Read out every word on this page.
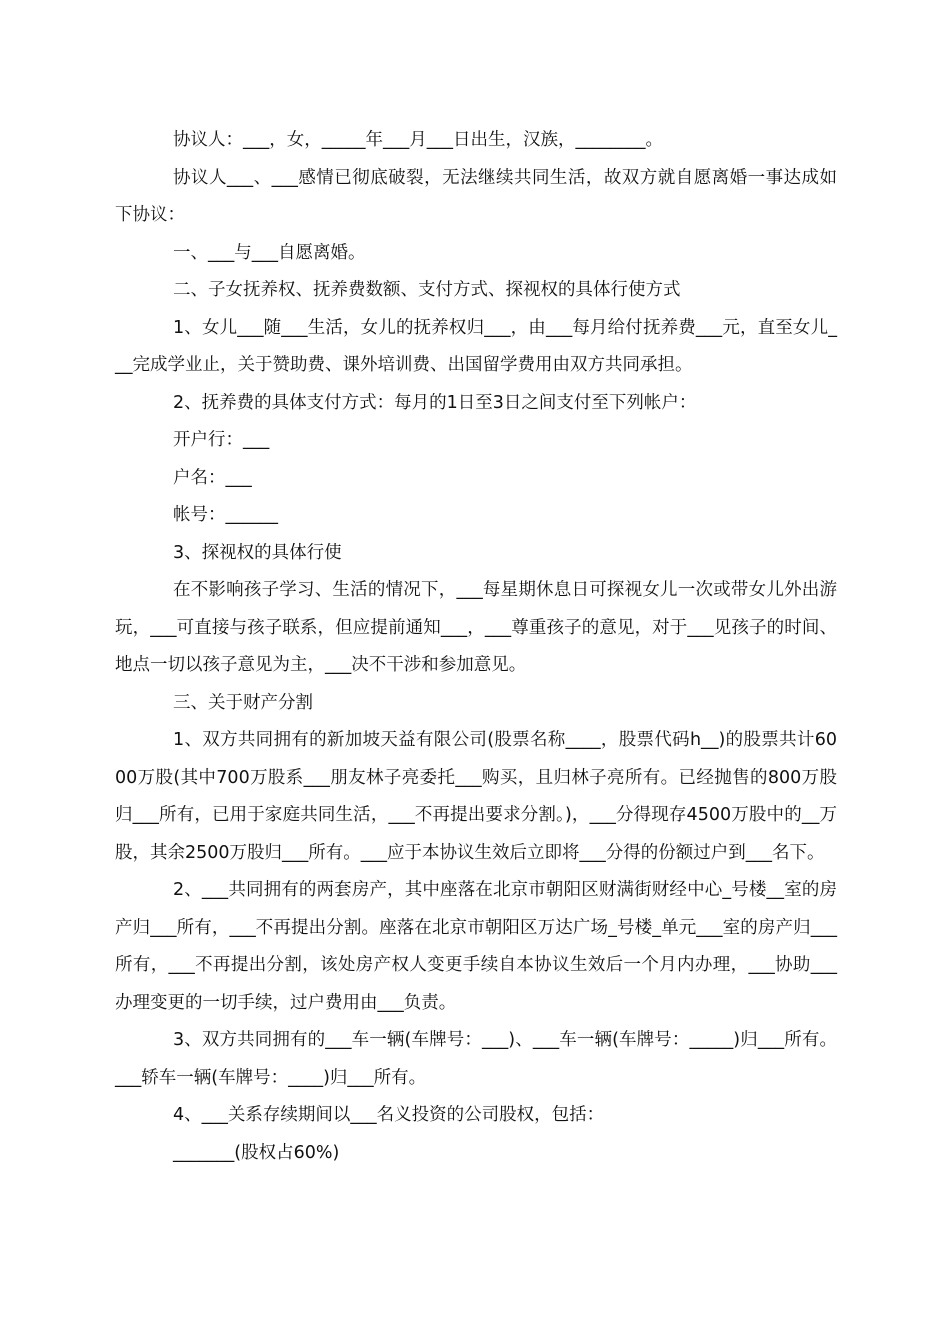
协议人：___，女，_____年___月___日出生，汉族，________。

协议人___、___感情已彻底破裂，无法继续共同生活，故双方就自愿离婚一事达成如下协议：

一、___与___自愿离婚。

二、子女抚养权、抚养费数额、支付方式、探视权的具体行使方式

1、女儿___随___生活，女儿的抚养权归___，由___每月给付抚养费___元，直至女儿___完成学业止，关于赞助费、课外培训费、出国留学费用由双方共同承担。

2、抚养费的具体支付方式：每月的1日至3日之间支付至下列帐户：

开户行：___

户名：___

帐号：______

3、探视权的具体行使

在不影响孩子学习、生活的情况下，___每星期休息日可探视女儿一次或带女儿外出游玩，___可直接与孩子联系，但应提前通知___，___尊重孩子的意见，对于___见孩子的时间、地点一切以孩子意见为主，___决不干涉和参加意见。

三、关于财产分割

1、双方共同拥有的新加坡天益有限公司(股票名称____，股票代码h__)的股票共计6000万股(其中700万股系___朋友林子亮委托___购买，且归林子亮所有。已经抛售的800万股归___所有，已用于家庭共同生活，___不再提出要求分割。)，___分得现存4500万股中的__万股，其余2500万股归___所有。___应于本协议生效后立即将___分得的份额过户到___名下。

2、___共同拥有的两套房产，其中座落在北京市朝阳区财满街财经中心_号楼__室的房产归___所有，___不再提出分割。座落在北京市朝阳区万达广场_号楼_单元___室的房产归___所有，___不再提出分割，该处房产权人变更手续自本协议生效后一个月内办理，___协助___办理变更的一切手续，过户费用由___负责。

3、双方共同拥有的___车一辆(车牌号：___)、___车一辆(车牌号：_____)归___所有。___轿车一辆(车牌号：____)归___所有。

4、___关系存续期间以___名义投资的公司股权，包括：

_______(股权占60%)
